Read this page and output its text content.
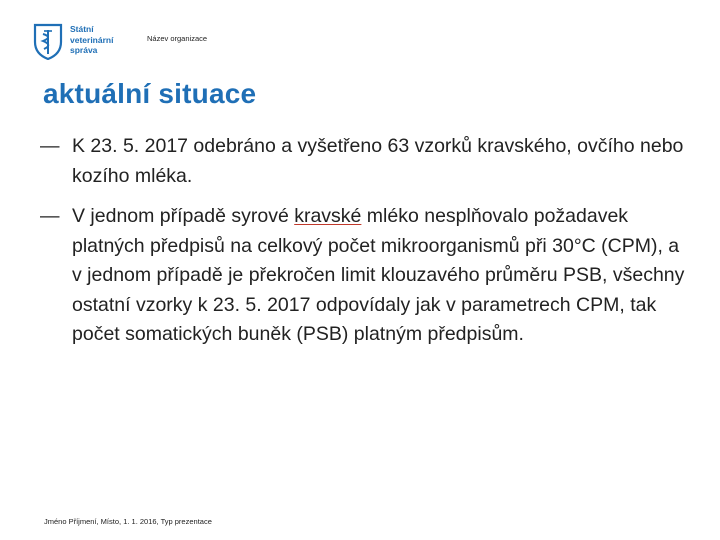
Státní
veterinární
správa
Název organizace
aktuální situace
— K 23. 5. 2017 odebráno a vyšetřeno 63 vzorků kravského, ovčího nebo kozího mléka.
— V jednom případě syrové kravské mléko nesplňovalo požadavek platných předpisů na celkový počet mikroorganismů při 30°C (CPM), a v jednom případě je překročen limit klouzavého průměru PSB, všechny ostatní vzorky k 23. 5. 2017 odpovídaly jak v parametrech CPM, tak počet somatických buněk (PSB) platným předpisům.
Jméno Příjmení, Místo, 1. 1. 2016, Typ prezentace
